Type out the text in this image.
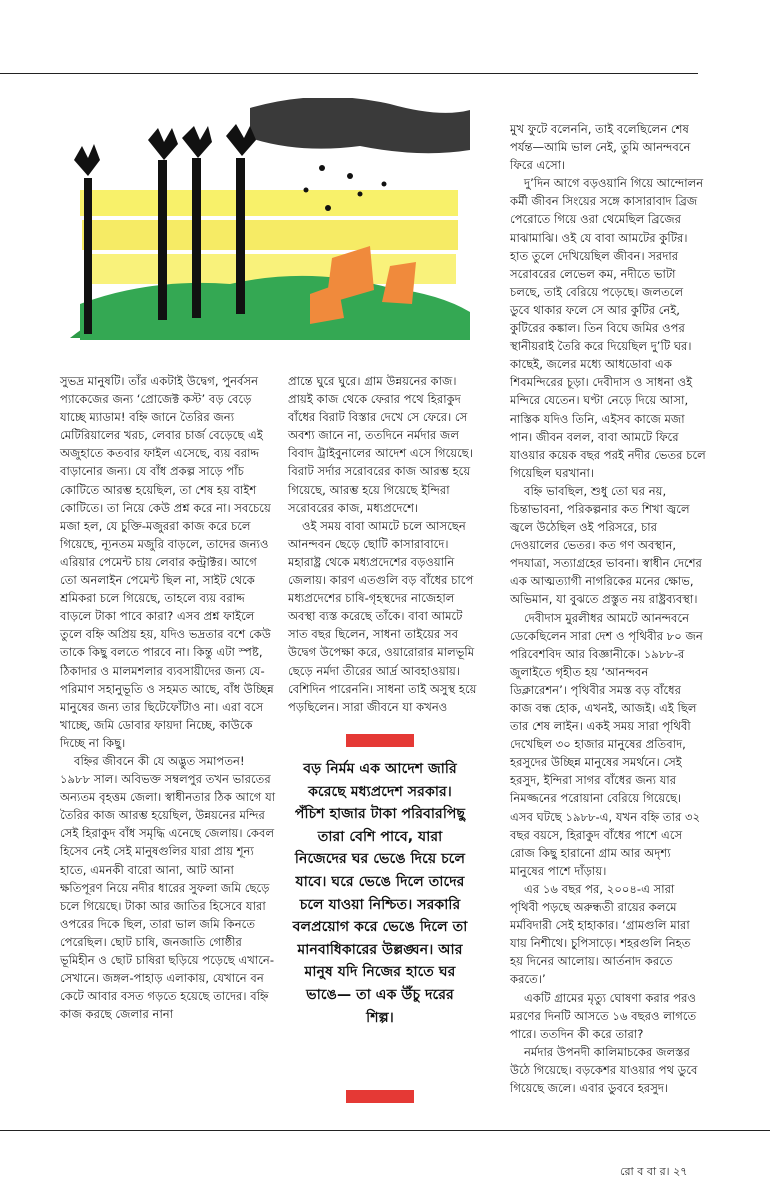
সুভদ্র মানুষটি। তাঁর একটাই উদ্বেগ, পুনর্বসন প্যাকেজের জন্য ‘প্রোজেক্ট কস্ট’ বড় বেড়ে যাচ্ছে ম্যাডাম! বহ্নি জানে তৈরির জন্য মেটিরিয়ালের খরচ, লেবার চার্জ বেড়েছে এই অজুহাতে কতবার ফাইল এসেছে, ব্যয় বরাদ্দ বাড়ানোর জন্য। যে বাঁধ প্রকল্প সাড়ে পাঁচ কোটিতে আরম্ভ হয়েছিল, তা শেষ হয় বাইশ কোটিতে। তা নিয়ে কেউ প্রশ্ন করে না। সবচেয়ে মজা হল, যে চুক্তি-মজুররা কাজ করে চলে গিয়েছে, ন্যূনতম মজুরি বাড়লে, তাদের জন্যও এরিয়ার পেমেন্ট চায় লেবার কন্ট্রাক্টর। আগে তো অনলাইন পেমেন্ট ছিল না, সাইট থেকে শ্রমিকরা চলে গিয়েছে, তাহলে ব্যয় বরাদ্দ বাড়লে টাকা পাবে কারা? এসব প্রশ্ন ফাইলে তুলে বহ্নি অপ্রিয় হয়, যদিও ভদ্রতার বশে কেউ তাকে কিছু বলতে পারবে না। কিন্তু এটা স্পষ্ট, ঠিকাদার ও মালমশলার ব্যবসায়ীদের জন্য যে-পরিমাণ সহানুভূতি ও সহমত আছে, বাঁধ উচ্ছিন্ন মানুষের জন্য তার ছিটেফোঁটাও না। এরা বসে খাচ্ছে, জমি ডোবার ফায়দা নিচ্ছে, কাউকে দিচ্ছে না কিছু।

বহ্নির জীবনে কী যে অদ্ভুত সমাপতন! ১৯৮৮ সাল। অবিভক্ত সম্বলপুর তখন ভারতের অন্যতম বৃহত্তম জেলা। স্বাধীনতার ঠিক আগে যা তৈরির কাজ আরম্ভ হয়েছিল, উন্নয়নের মন্দির সেই হিরাকুদ বাঁধ সমৃদ্ধি এনেছে জেলায়। কেবল হিসেব নেই সেই মানুষগুলির যারা প্রায় শূন্য হাতে, এমনকী বারো আনা, আট আনা ক্ষতিপূরণ নিয়ে নদীর ধারের সুফলা জমি ছেড়ে চলে গিয়েছে। টাকা আর জাতির হিসেবে যারা ওপরের দিকে ছিল, তারা ভাল জমি কিনতে পেরেছিল। ছোট চাষি, জনজাতি গোষ্ঠীর ভূমিহীন ও ছোট চাষিরা ছড়িয়ে পড়েছে এখানে-সেখানে। জঙ্গল-পাহাড় এলাকায়, যেখানে বন কেটে আবার বসত গড়তে হয়েছে তাদের। বহ্নি কাজ করছে জেলার নানা

প্রান্তে ঘুরে ঘুরে। গ্রাম উন্নয়নের কাজ। প্রায়ই কাজ থেকে ফেরার পথে হিরাকুদ বাঁধের বিরাট বিস্তার দেখে সে ফেরে। সে অবশ্য জানে না, ততদিনে নর্মদার জল বিবাদ ট্রাইবুনালের আদেশ এসে গিয়েছে। বিরাট সর্দার সরোবরের কাজ আরম্ভ হয়ে গিয়েছে, আরম্ভ হয়ে গিয়েছে ইন্দিরা সরোবরের কাজ, মধ্যপ্রদেশে।

ওই সময় বাবা আমটে চলে আসছেন আনন্দবন ছেড়ে ছোটি কাসারাবাদে। মহারাষ্ট্র থেকে মধ্যপ্রদেশের বড়ওয়ানি জেলায়। কারণ এতগুলি বড় বাঁধের চাপে মধ্যপ্রদেশের চাষি-গৃহস্থদের নাজেহাল অবস্থা ব্যস্ত করেছে তাঁকে। বাবা আমটে সাত বছর ছিলেন, সাধনা তাইয়ের সব উদ্বেগ উপেক্ষা করে, ওয়ারোরার মালভূমি ছেড়ে নর্মদা তীরের আর্দ্র আবহাওয়ায়। বেশিদিন পারেননি। সাধনা তাই অসুস্থ হয়ে পড়ছিলেন। সারা জীবনে যা কখনও

বড় নির্মম এক আদেশ জারি করেছে মধ্যপ্রদেশ সরকার। পঁচিশ হাজার টাকা পরিবারপিছু তারা বেশি পাবে, যারা নিজেদের ঘর ভেঙে দিয়ে চলে যাবে। ঘরে ভেঙে দিলে তাদের চলে যাওয়া নিশ্চিত। সরকারি বলপ্রয়োগ করে ভেঙে দিলে তা মানবাধিকারের উল্লঙ্ঘন। আর মানুষ যদি নিজের হাতে ঘর ভাঙে— তা এক উঁচু দরের শিল্প।

মুখ ফুটে বলেননি, তাই বলেছিলেন শেষ পর্যন্ত—আমি ভাল নেই, তুমি আনন্দবনে ফিরে এসো।

দু’দিন আগে বড়ওয়ানি গিয়ে আন্দোলন কর্মী জীবন সিংয়ের সঙ্গে কাসারাবাদ ব্রিজ পেরোতে গিয়ে ওরা থেমেছিল ব্রিজের মাঝামাঝি। ওই যে বাবা আমটের কুটির। হাত তুলে দেখিয়েছিল জীবন। সরদার সরোবরের লেভেল কম, নদীতে ভাটা চলছে, তাই বেরিয়ে পড়েছে। জলতলে ডুবে থাকার ফলে সে আর কুটির নেই, কুটিরের কঙ্কাল। তিন বিঘে জমির ওপর স্থানীয়রাই তৈরি করে দিয়েছিল দু’টি ঘর। কাছেই, জলের মধ্যে আধডোবা এক শিবমন্দিরের চূড়া। দেবীদাস ও সাধনা ওই মন্দিরে যেতেন। ঘণ্টা নেড়ে দিয়ে আসা, নাস্তিক যদিও তিনি, এইসব কাজে মজা পান। জীবন বলল, বাবা আমটে ফিরে যাওয়ার কয়েক বছর পরই নদীর ভেতর চলে গিয়েছিল ঘরখানা।

বহ্নি ভাবছিল, শুধু তো ঘর নয়, চিন্তাভাবনা, পরিকল্পনার কত শিখা জ্বলে জ্বলে উঠেছিল ওই পরিসরে, চার দেওয়ালের ভেতর। কত গণ অবস্থান, পদযাত্রা, সত্যাগ্রহের ভাবনা। স্বাধীন দেশের এক আত্মত্যাগী নাগরিকের মনের ক্ষোভ, অভিমান, যা বুঝতে প্রস্তুত নয় রাষ্ট্রব্যবস্থা।

দেবীদাস মুরলীধর আমটে আনন্দবনে ডেকেছিলেন সারা দেশ ও পৃথিবীর ৮০ জন পরিবেশবিদ আর বিজ্ঞানীকে। ১৯৮৮-র জুলাইতে গৃহীত হয় ‘আনন্দবন ডিক্লারেশন’। পৃথিবীর সমস্ত বড় বাঁধের কাজ বন্ধ হোক, এখনই, আজই। এই ছিল তার শেষ লাইন। একই সময় সারা পৃথিবী দেখেছিল ৩০ হাজার মানুষের প্রতিবাদ, হরসুদের উচ্ছিন্ন মানুষের সমর্থনে। সেই হরসুদ, ইন্দিরা সাগর বাঁধের জন্য যার নিমজ্জনের পরোয়ানা বেরিয়ে গিয়েছে। এসব ঘটছে ১৯৮৮-এ, যখন বহ্নি তার ৩২ বছর বয়সে, হিরাকুদ বাঁধের পাশে এসে রোজ কিছু হারানো গ্রাম আর অদৃশ্য মানুষের পাশে দাঁড়ায়।

এর ১৬ বছর পর, ২০০৪-এ সারা পৃথিবী পড়ছে অরুন্ধতী রায়ের কলমে মর্মবিদারী সেই হাহাকার। ‘গ্রামগুলি মারা যায় নিশীথে। চুপিসাড়ে। শহরগুলি নিহত হয় দিনের আলোয়। আর্তনাদ করতে করতে।’

একটি গ্রামের মৃত্যু ঘোষণা করার পরও মরণের দিনটি আসতে ১৬ বছরও লাগতে পারে। ততদিন কী করে তারা?

নর্মদার উপনদী কালিমাচকের জলস্তর উঠে গিয়েছে। বড়কেশর যাওয়ার পথ ডুবে গিয়েছে জলে। এবার ডুববে হরসুদ।

রো ব বা র। ২৭
